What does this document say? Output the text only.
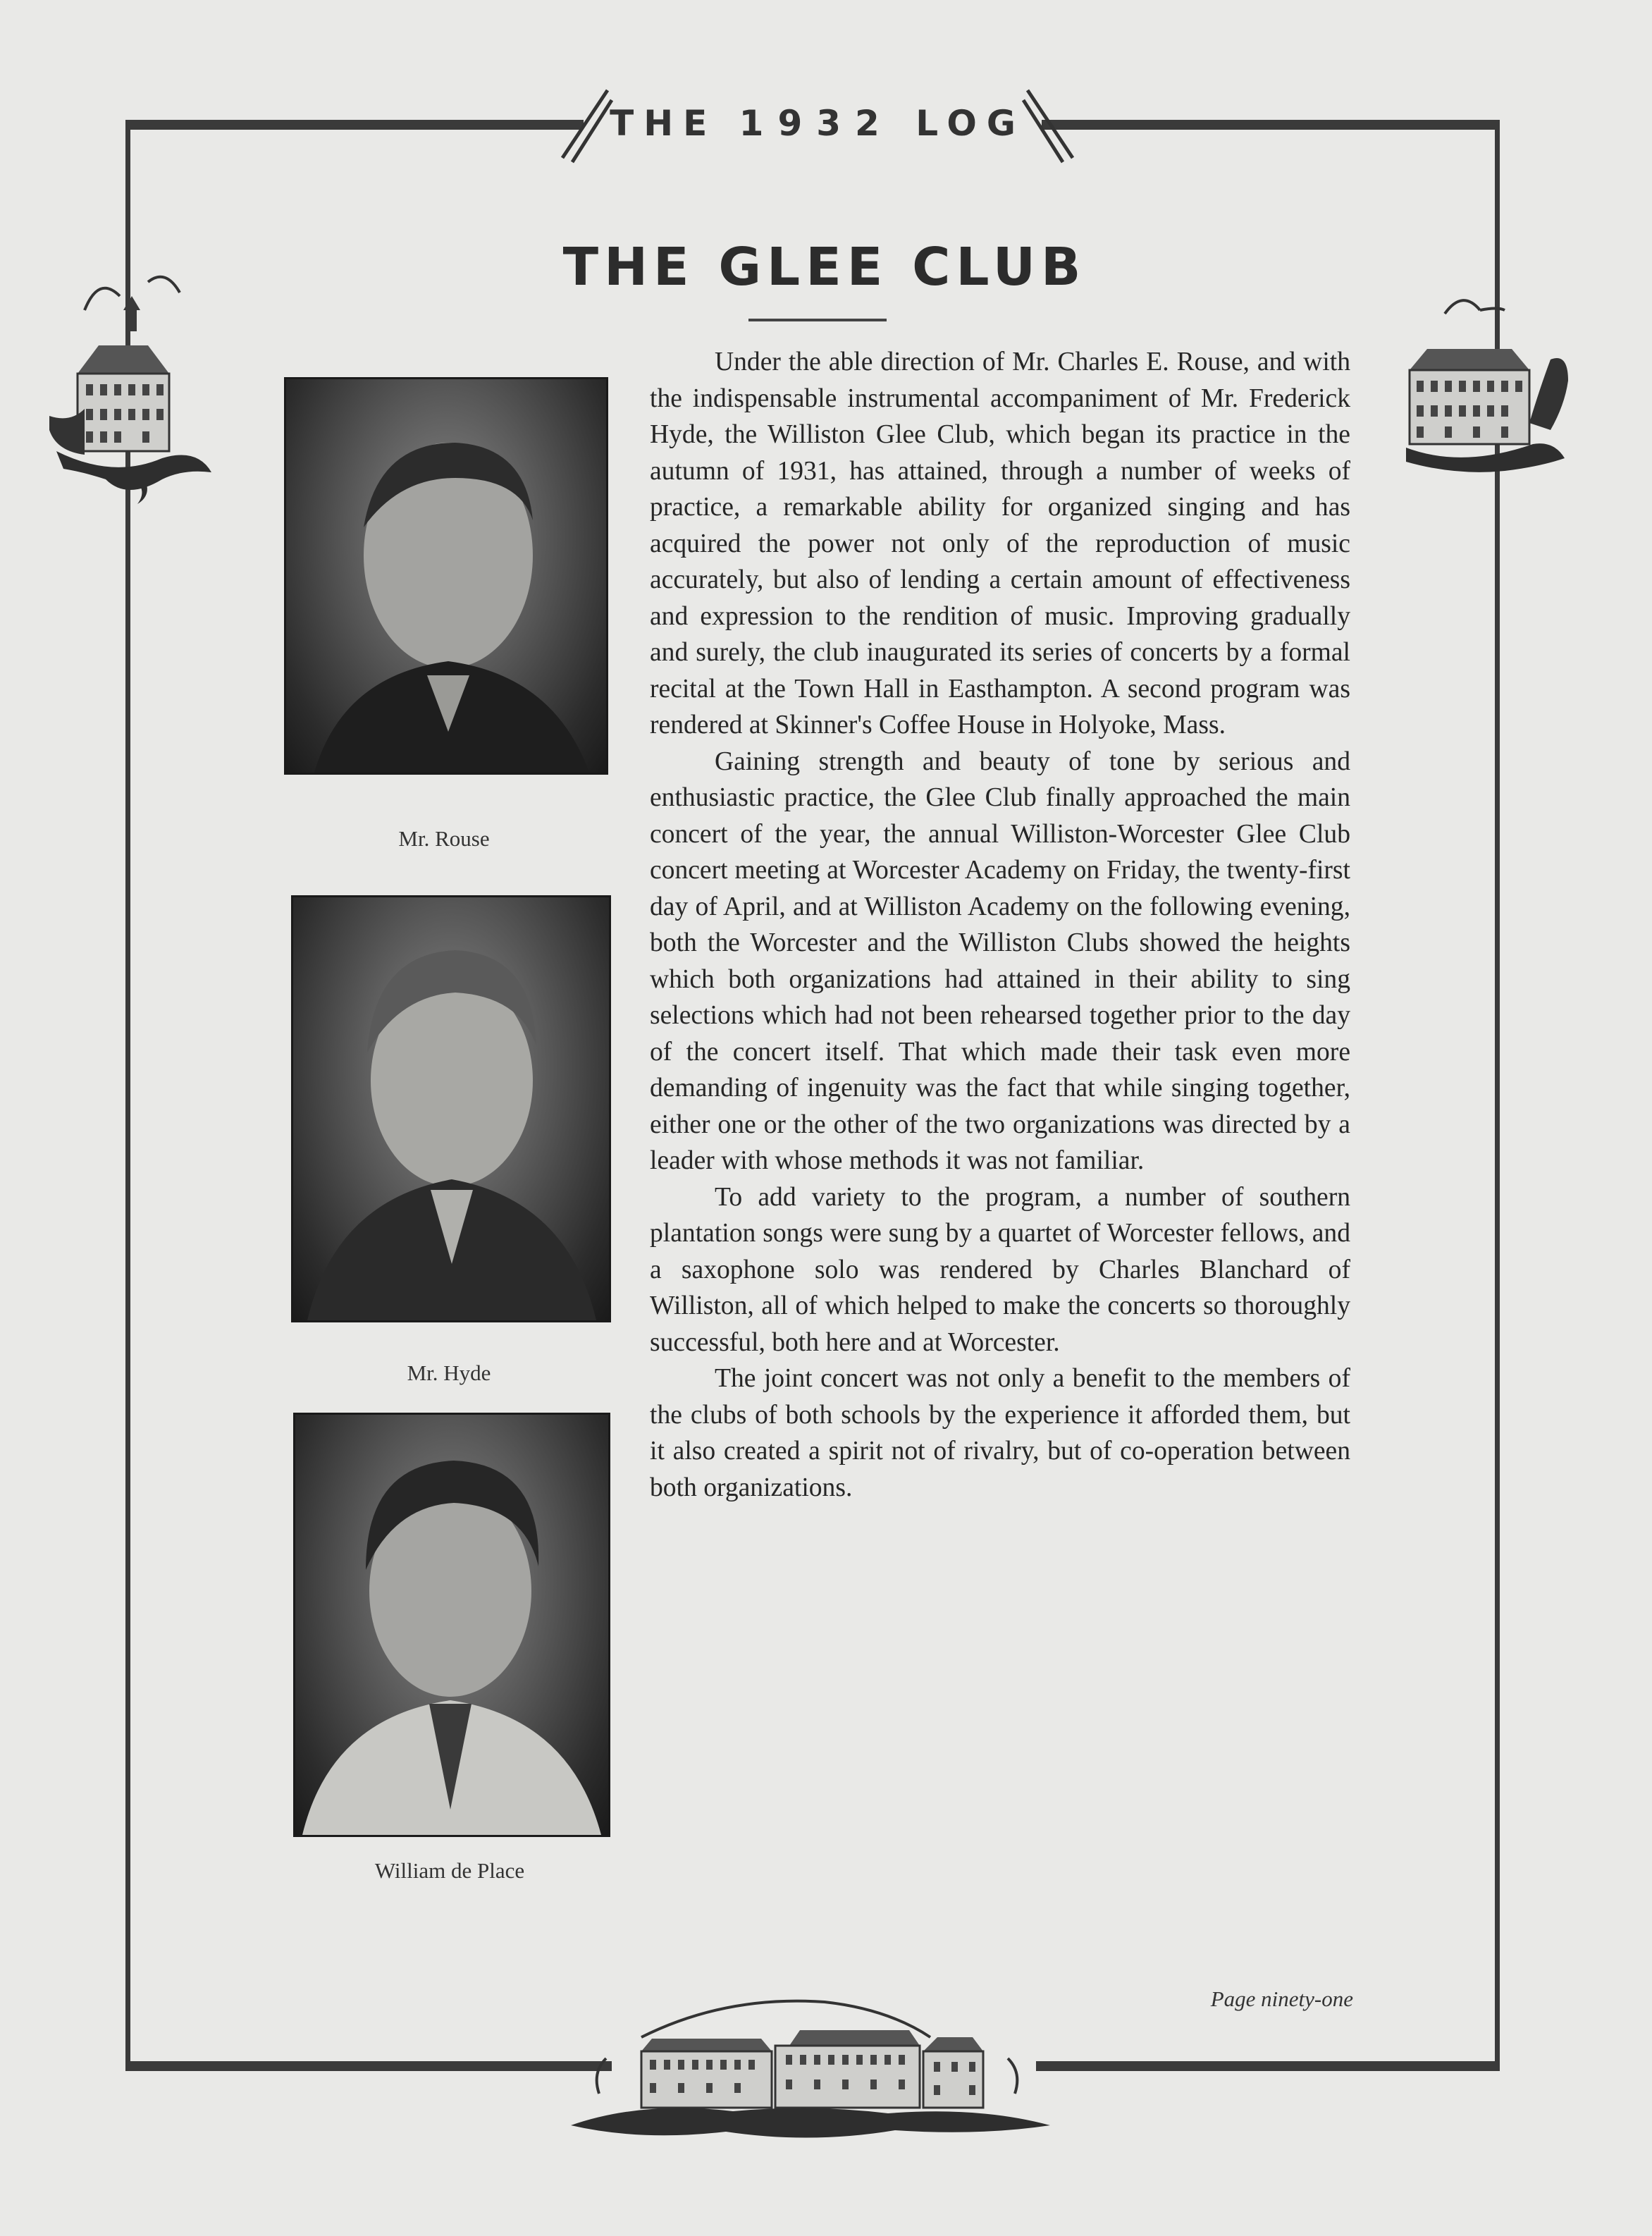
THE 1932 LOG
THE GLEE CLUB
Mr. Rouse
Mr. Hyde
William de Place

Under the able direction of Mr. Charles E. Rouse, and with the indispensable instrumental accompaniment of Mr. Frederick Hyde, the Williston Glee Club, which began its practice in the autumn of 1931, has attained, through a number of weeks of practice, a remarkable ability for organized singing and has acquired the power not only of the reproduction of music accurately, but also of lending a certain amount of effectiveness and expression to the rendition of music. Improving gradually and surely, the club inaugurated its series of concerts by a formal recital at the Town Hall in Easthampton. A second program was rendered at Skinner's Coffee House in Holyoke, Mass.

Gaining strength and beauty of tone by serious and enthusiastic practice, the Glee Club finally approached the main concert of the year, the annual Williston-Worcester Glee Club concert meeting at Worcester Academy on Friday, the twenty-first day of April, and at Williston Academy on the following evening, both the Worcester and the Williston Clubs showed the heights which both organizations had attained in their ability to sing selections which had not been rehearsed together prior to the day of the concert itself. That which made their task even more demanding of ingenuity was the fact that while singing together, either one or the other of the two organizations was directed by a leader with whose methods it was not familiar.

To add variety to the program, a number of southern plantation songs were sung by a quartet of Worcester fellows, and a saxophone solo was rendered by Charles Blanchard of Williston, all of which helped to make the concerts so thoroughly successful, both here and at Worcester.

The joint concert was not only a benefit to the members of the clubs of both schools by the experience it afforded them, but it also created a spirit not of rivalry, but of co-operation between both organizations.

Page ninety-one
